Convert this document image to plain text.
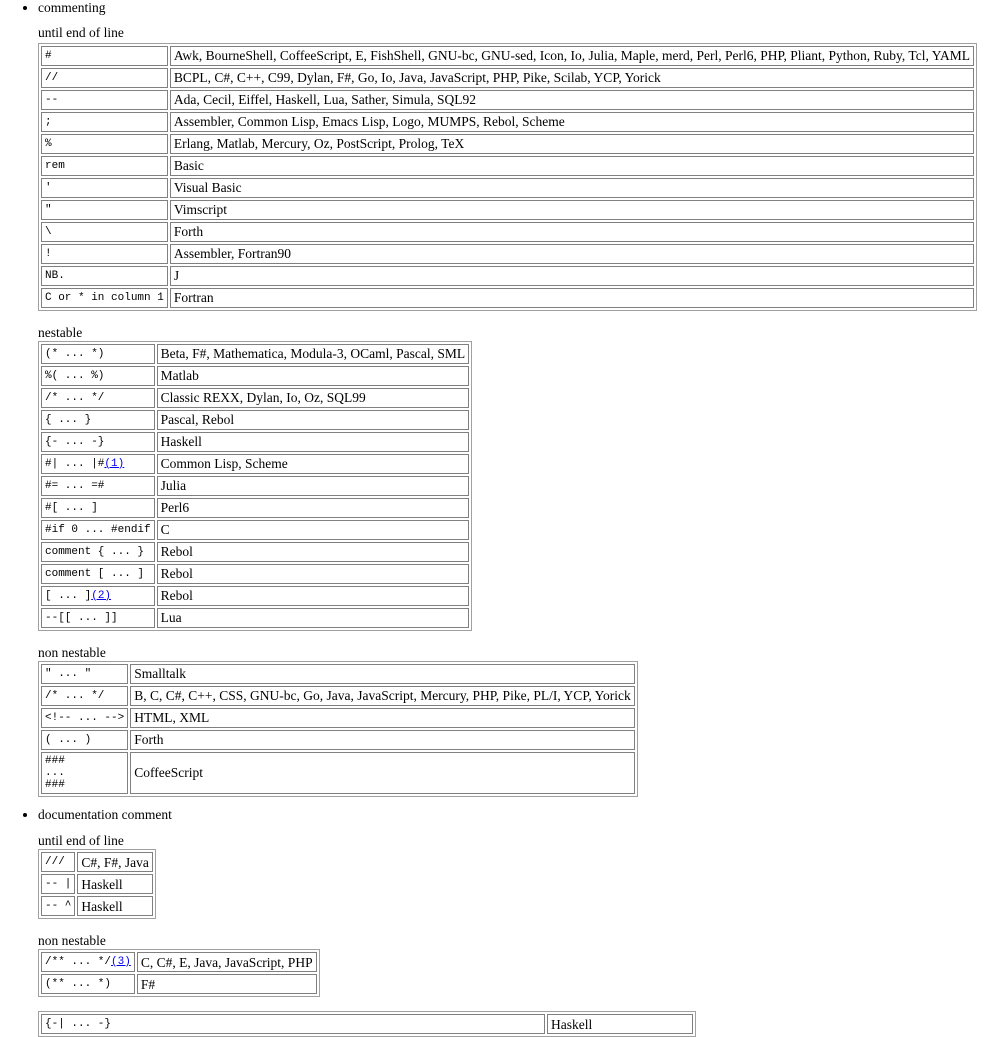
• commenting
until end of line
#	Awk, BourneShell, CoffeeScript, E, FishShell, GNU-bc, GNU-sed, Icon, Io, Julia, Maple, merd, Perl, Perl6, PHP, Pliant, Python, Ruby, Tcl, YAML
//	BCPL, C#, C++, C99, Dylan, F#, Go, Io, Java, JavaScript, PHP, Pike, Scilab, YCP, Yorick
--	Ada, Cecil, Eiffel, Haskell, Lua, Sather, Simula, SQL92
;	Assembler, Common Lisp, Emacs Lisp, Logo, MUMPS, Rebol, Scheme
%	Erlang, Matlab, Mercury, Oz, PostScript, Prolog, TeX
rem	Basic
'	Visual Basic
"	Vimscript
\	Forth
!	Assembler, Fortran90
NB.	J
C or * in column 1	Fortran
nestable
(* ... *)	Beta, F#, Mathematica, Modula-3, OCaml, Pascal, SML
%( ... %)	Matlab
/* ... */	Classic REXX, Dylan, Io, Oz, SQL99
{ ... }	Pascal, Rebol
{- ... -}	Haskell
#| ... |#(1)	Common Lisp, Scheme
#= ... =#	Julia
#[ ... ]	Perl6
#if 0 ... #endif	C
comment { ... }	Rebol
comment [ ... ]	Rebol
[ ... ](2)	Rebol
--[[ ... ]]	Lua
non nestable
" ... "	Smalltalk
/* ... */	B, C, C#, C++, CSS, GNU-bc, Go, Java, JavaScript, Mercury, PHP, Pike, PL/I, YCP, Yorick
<!-- ... -->	HTML, XML
( ... )	Forth
###
...
###	CoffeeScript
• documentation comment
until end of line
///	C#, F#, Java
-- |	Haskell
-- ^	Haskell
non nestable
/** ... */(3)	C, C#, E, Java, JavaScript, PHP
(** ... *)	F#
{-| ... -}	Haskell
